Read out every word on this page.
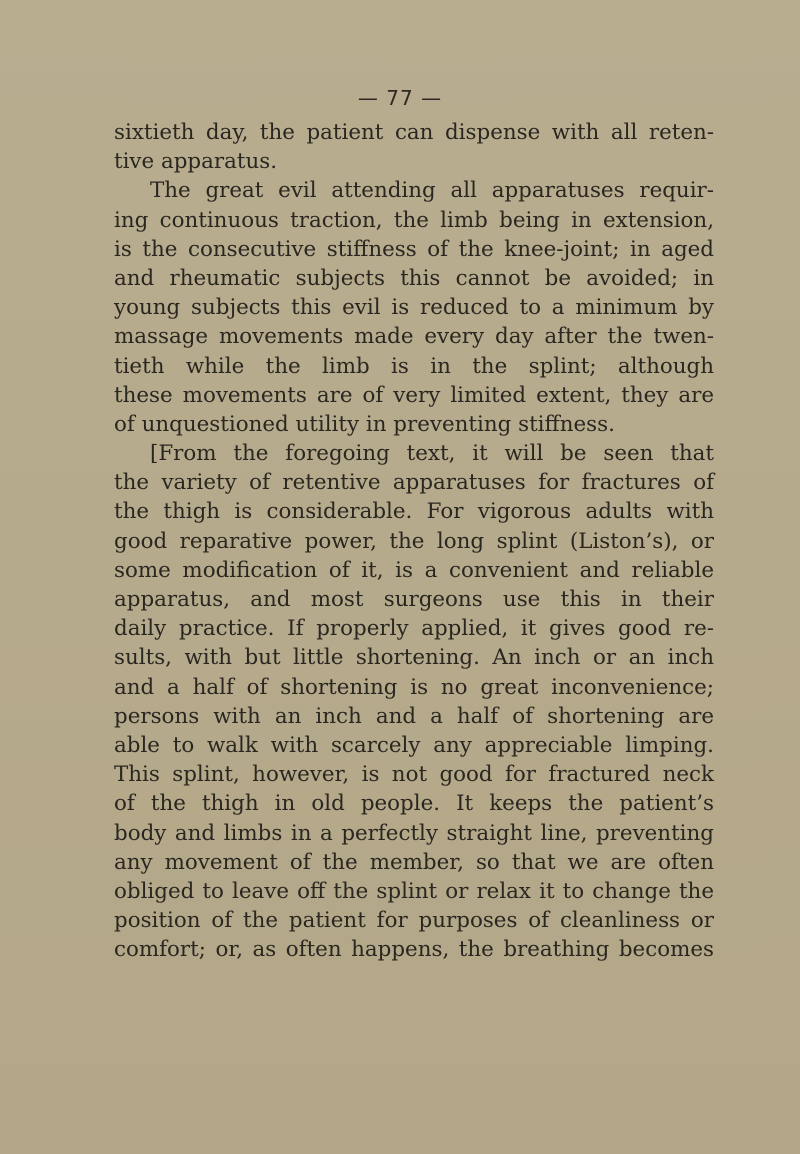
— 77 —
sixtieth day, the patient can dispense with all reten-
tive apparatus.
The great evil attending all apparatuses requir-
ing continuous traction, the limb being in extension,
is the consecutive stiffness of the knee-joint; in aged
and rheumatic subjects this cannot be avoided; in
young subjects this evil is reduced to a minimum by
massage movements made every day after the twen-
tieth while the limb is in the splint; although
these movements are of very limited extent, they are
of unquestioned utility in preventing stiffness.
[From the foregoing text, it will be seen that
the variety of retentive apparatuses for fractures of
the thigh is considerable. For vigorous adults with
good reparative power, the long splint (Liston’s), or
some modification of it, is a convenient and reliable
apparatus, and most surgeons use this in their
daily practice. If properly applied, it gives good re-
sults, with but little shortening. An inch or an inch
and a half of shortening is no great inconvenience;
persons with an inch and a half of shortening are
able to walk with scarcely any appreciable limping.
This splint, however, is not good for fractured neck
of the thigh in old people. It keeps the patient’s
body and limbs in a perfectly straight line, preventing
any movement of the member, so that we are often
obliged to leave off the splint or relax it to change the
position of the patient for purposes of cleanliness or
comfort; or, as often happens, the breathing becomes
